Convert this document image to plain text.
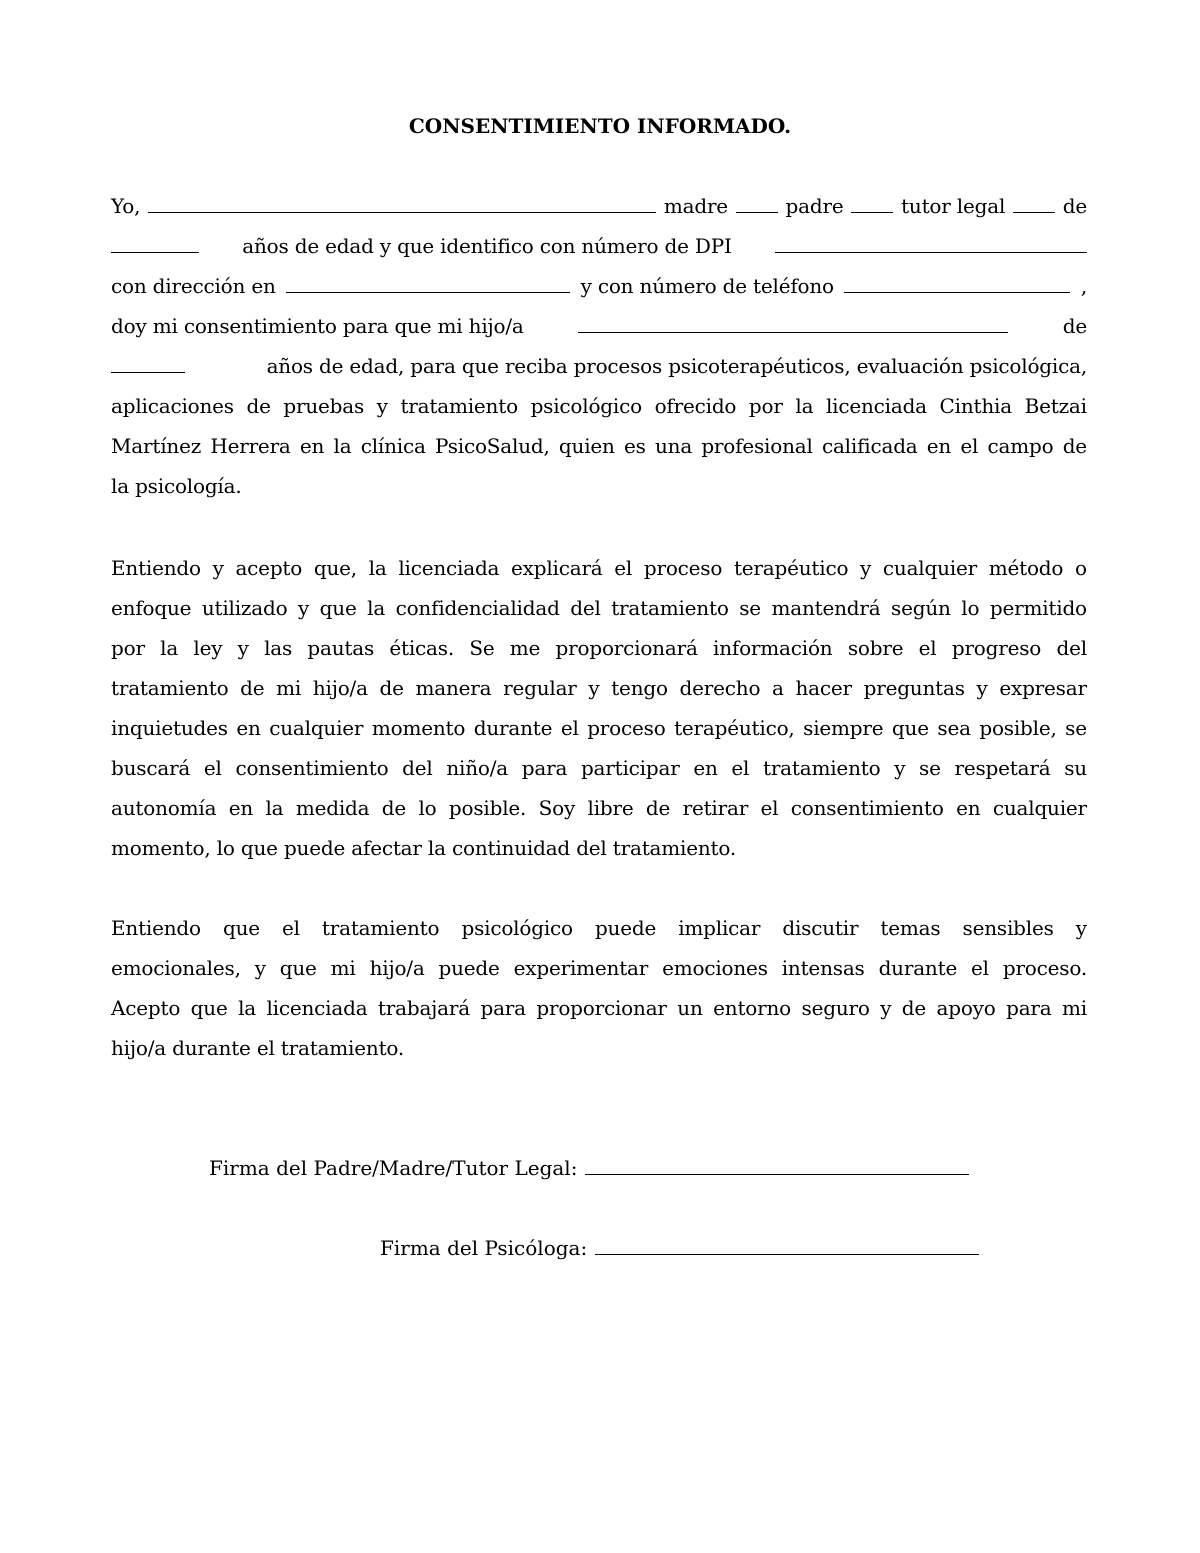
CONSENTIMIENTO INFORMADO.
Yo,	madre	padre	tutor legal	de
años de edad y que identifico con número de DPI
con dirección en	y con número de teléfono	,
doy mi consentimiento para que mi hijo/a	de
años de edad, para que reciba procesos psicoterapéuticos, evaluación psicológica,
aplicaciones de pruebas y tratamiento psicológico ofrecido por la licenciada Cinthia Betzai
Martínez Herrera en la clínica PsicoSalud, quien es una profesional calificada en el campo de
la psicología.
Entiendo y acepto que, la licenciada explicará el proceso terapéutico y cualquier método o
enfoque utilizado y que la confidencialidad del tratamiento se mantendrá según lo permitido
por la ley y las pautas éticas. Se me proporcionará información sobre el progreso del
tratamiento de mi hijo/a de manera regular y tengo derecho a hacer preguntas y expresar
inquietudes en cualquier momento durante el proceso terapéutico, siempre que sea posible, se
buscará el consentimiento del niño/a para participar en el tratamiento y se respetará su
autonomía en la medida de lo posible. Soy libre de retirar el consentimiento en cualquier
momento, lo que puede afectar la continuidad del tratamiento.
Entiendo que el tratamiento psicológico puede implicar discutir temas sensibles y
emocionales, y que mi hijo/a puede experimentar emociones intensas durante el proceso.
Acepto que la licenciada trabajará para proporcionar un entorno seguro y de apoyo para mi
hijo/a durante el tratamiento.
Firma del Padre/Madre/Tutor Legal:
Firma del Psicóloga:
